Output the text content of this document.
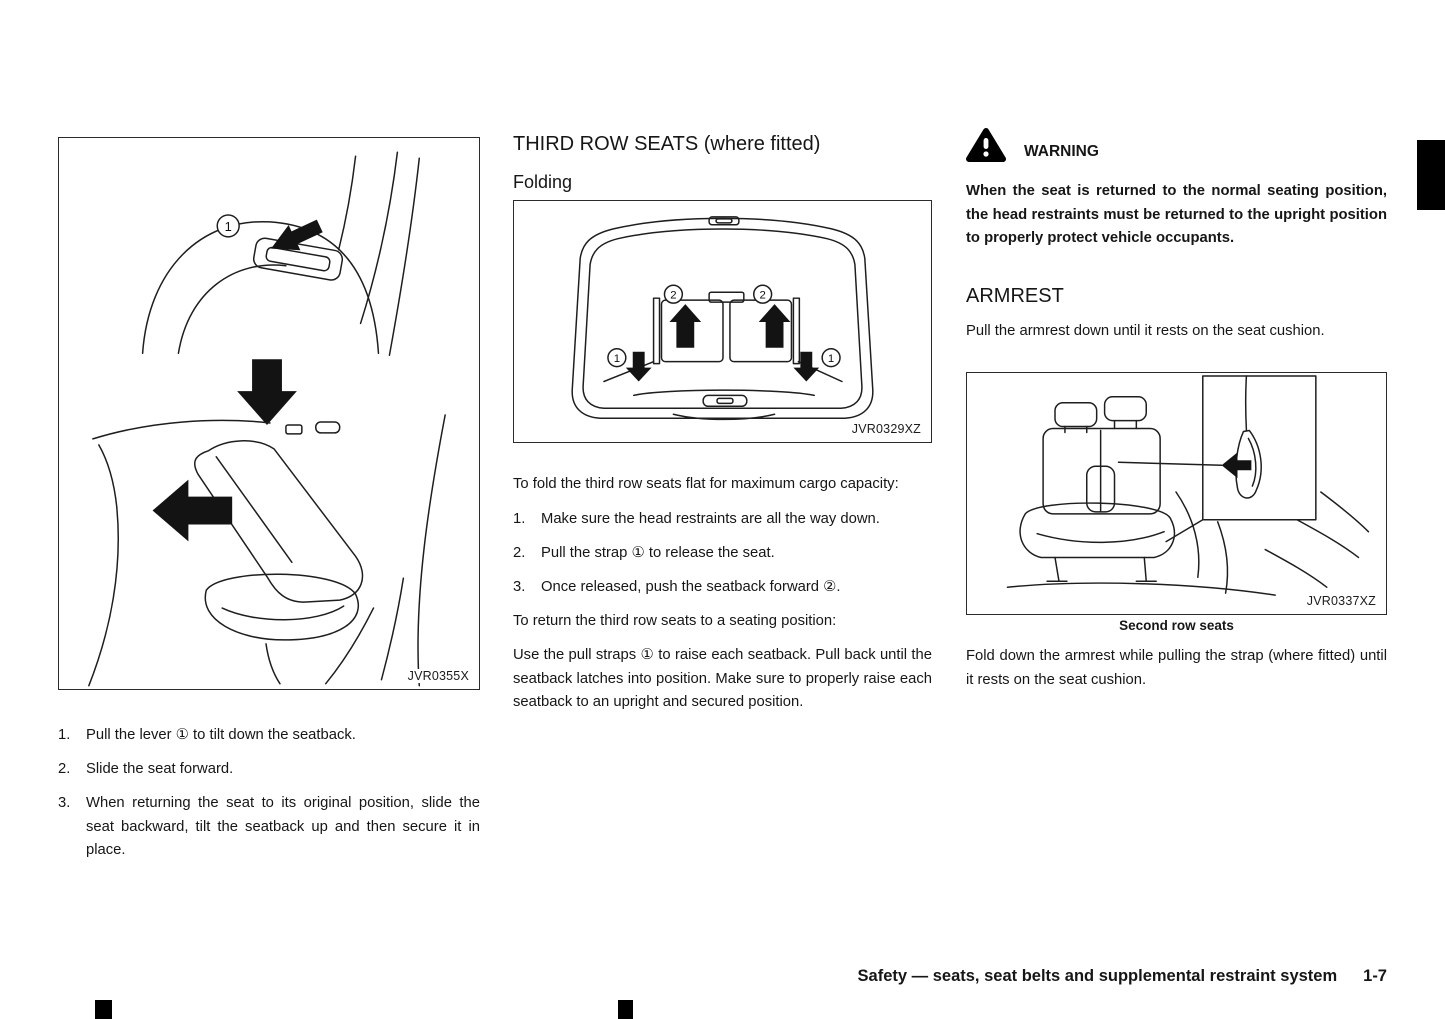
1
JVR0355X
1.	Pull the lever ① to tilt down the seatback.
2.	Slide the seat forward.
3.	When returning the seat to its original position, slide the seat backward, tilt the seatback up and then secure it in place.
THIRD ROW SEATS (where fitted)
Folding
2	2
1	1
JVR0329XZ

To fold the third row seats flat for maximum cargo capacity:

1.	Make sure the head restraints are all the way down.
2.	Pull the strap ① to release the seat.
3.	Once released, push the seatback forward ②.

To return the third row seats to a seating position:

Use the pull straps ① to raise each seatback. Pull back until the seatback latches into position. Make sure to properly raise each seatback to an upright and secured position.

WARNING

When the seat is returned to the normal seating position, the head restraints must be returned to the upright position to properly protect vehicle occupants.

ARMREST

Pull the armrest down until it rests on the seat cushion.

JVR0337XZ
Second row seats

Fold down the armrest while pulling the strap (where fitted) until it rests on the seat cushion.

Safety — seats, seat belts and supplemental restraint system 1-7
